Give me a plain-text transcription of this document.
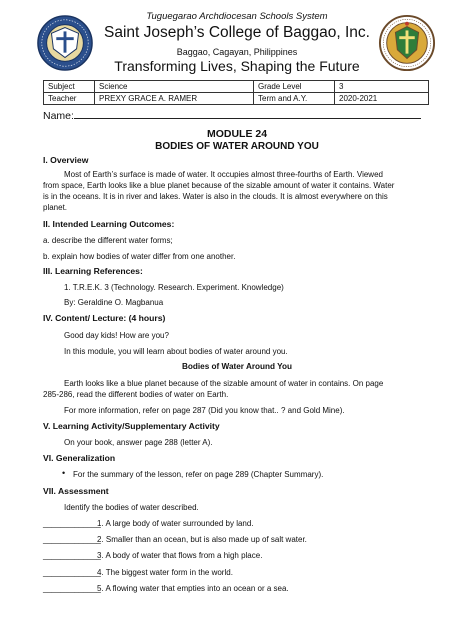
Tuguegarao Archdiocesan Schools System
Saint Joseph’s College of Baggao, Inc.
Baggao, Cagayan, Philippines
Transforming Lives, Shaping the Future
Subject	Science	Grade Level	3
Teacher	PREXY GRACE A. RAMER	Term and A.Y.	2020-2021
Name:
MODULE 24
BODIES OF WATER AROUND YOU
I. Overview
Most of Earth’s surface is made of water. It occupies almost three-fourths of Earth. Viewed
from space, Earth looks like a blue planet because of the sizable amount of water it contains. Water
is in the oceans. It is in river and lakes. Water is also in the clouds. It is almost everywhere on this
planet.
II. Intended Learning Outcomes:
a. describe the different water forms;
b. explain how bodies of water differ from one another.
III. Learning References:
1. T.R.E.K. 3 (Technology. Research. Experiment. Knowledge)
By: Geraldine O. Magbanua
IV. Content/ Lecture: (4 hours)
Good day kids! How are you?
In this module, you will learn about bodies of water around you.
Bodies of Water Around You
Earth looks like a blue planet because of the sizable amount of water in contains. On page
285-286, read the different bodies of water on Earth.
For more information, refer on page 287 (Did you know that.. ? and Gold Mine).
V. Learning Activity/Supplementary Activity
On your book, answer page 288 (letter A).
VI. Generalization
• For the summary of the lesson, refer on page 289 (Chapter Summary).
VII. Assessment
Identify the bodies of water described.
_____________
1. A large body of water surrounded by land.
_____________
2. Smaller than an ocean, but is also made up of salt water.
_____________
3. A body of water that flows from a high place.
_____________
4. The biggest water form in the world.
_____________
5. A flowing water that empties into an ocean or a sea.
